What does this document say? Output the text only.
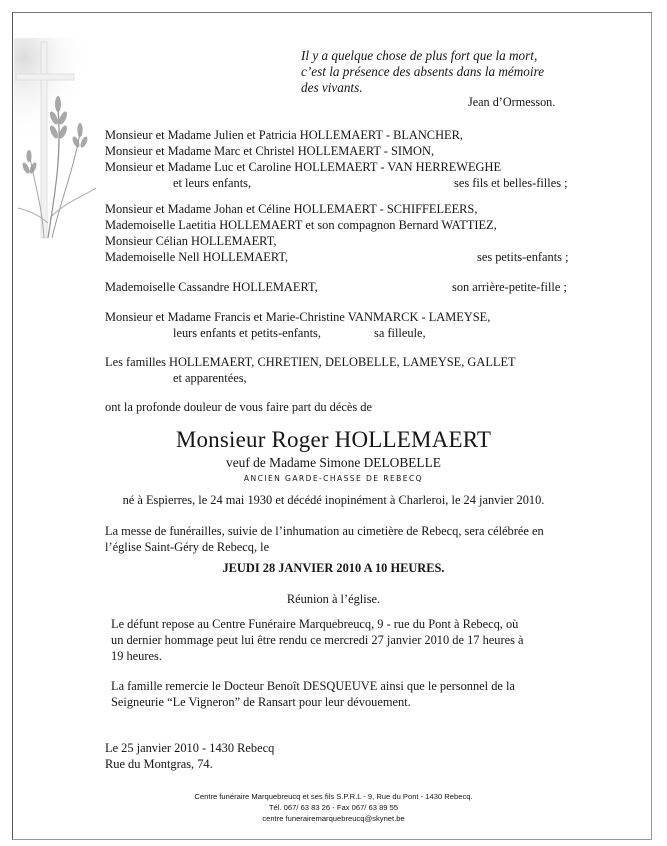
Il y a quelque chose de plus fort que la mort,
c’est la présence des absents dans la mémoire
des vivants.
Jean d’Ormesson.
Monsieur et Madame Julien et Patricia HOLLEMAERT - BLANCHER,
Monsieur et Madame Marc et Christel HOLLEMAERT - SIMON,
Monsieur et Madame Luc et Caroline HOLLEMAERT - VAN HERREWEGHE
et leurs enfants,	ses fils et belles-filles ;
Monsieur et Madame Johan et Céline HOLLEMAERT - SCHIFFELEERS,
Mademoiselle Laetitia HOLLEMAERT et son compagnon Bernard WATTIEZ,
Monsieur Célian HOLLEMAERT,
Mademoiselle Nell HOLLEMAERT,	ses petits-enfants ;
Mademoiselle Cassandre HOLLEMAERT,	son arrière-petite-fille ;
Monsieur et Madame Francis et Marie-Christine VANMARCK - LAMEYSE,
leurs enfants et petits-enfants,	sa filleule,
Les familles HOLLEMAERT, CHRETIEN, DELOBELLE, LAMEYSE, GALLET
et apparentées,
ont la profonde douleur de vous faire part du décès de
Monsieur Roger HOLLEMAERT
veuf de Madame Simone DELOBELLE
ANCIEN GARDE-CHASSE DE REBECQ
né à Espierres, le 24 mai 1930 et décédé inopinément à Charleroi, le 24 janvier 2010.
La messe de funérailles, suivie de l’inhumation au cimetière de Rebecq, sera célébrée en
l’église Saint-Géry de Rebecq, le
JEUDI 28 JANVIER 2010 A 10 HEURES.
Réunion à l’église.
Le défunt repose au Centre Funéraire Marquebreucq, 9 - rue du Pont à Rebecq, où
un dernier hommage peut lui être rendu ce mercredi 27 janvier 2010 de 17 heures à
19 heures.
La famille remercie le Docteur Benoît DESQUEUVE ainsi que le personnel de la
Seigneurie “Le Vigneron” de Ransart pour leur dévouement.
Le 25 janvier 2010 - 1430 Rebecq
Rue du Montgras, 74.
Centre funéraire Marquebreucq et ses fils S.P.R.L - 9, Rue du Pont - 1430 Rebecq.
Tél. 067/ 63 83 26 - Fax 067/ 63 89 55
centre funerairemarquebreucq@skynet.be
